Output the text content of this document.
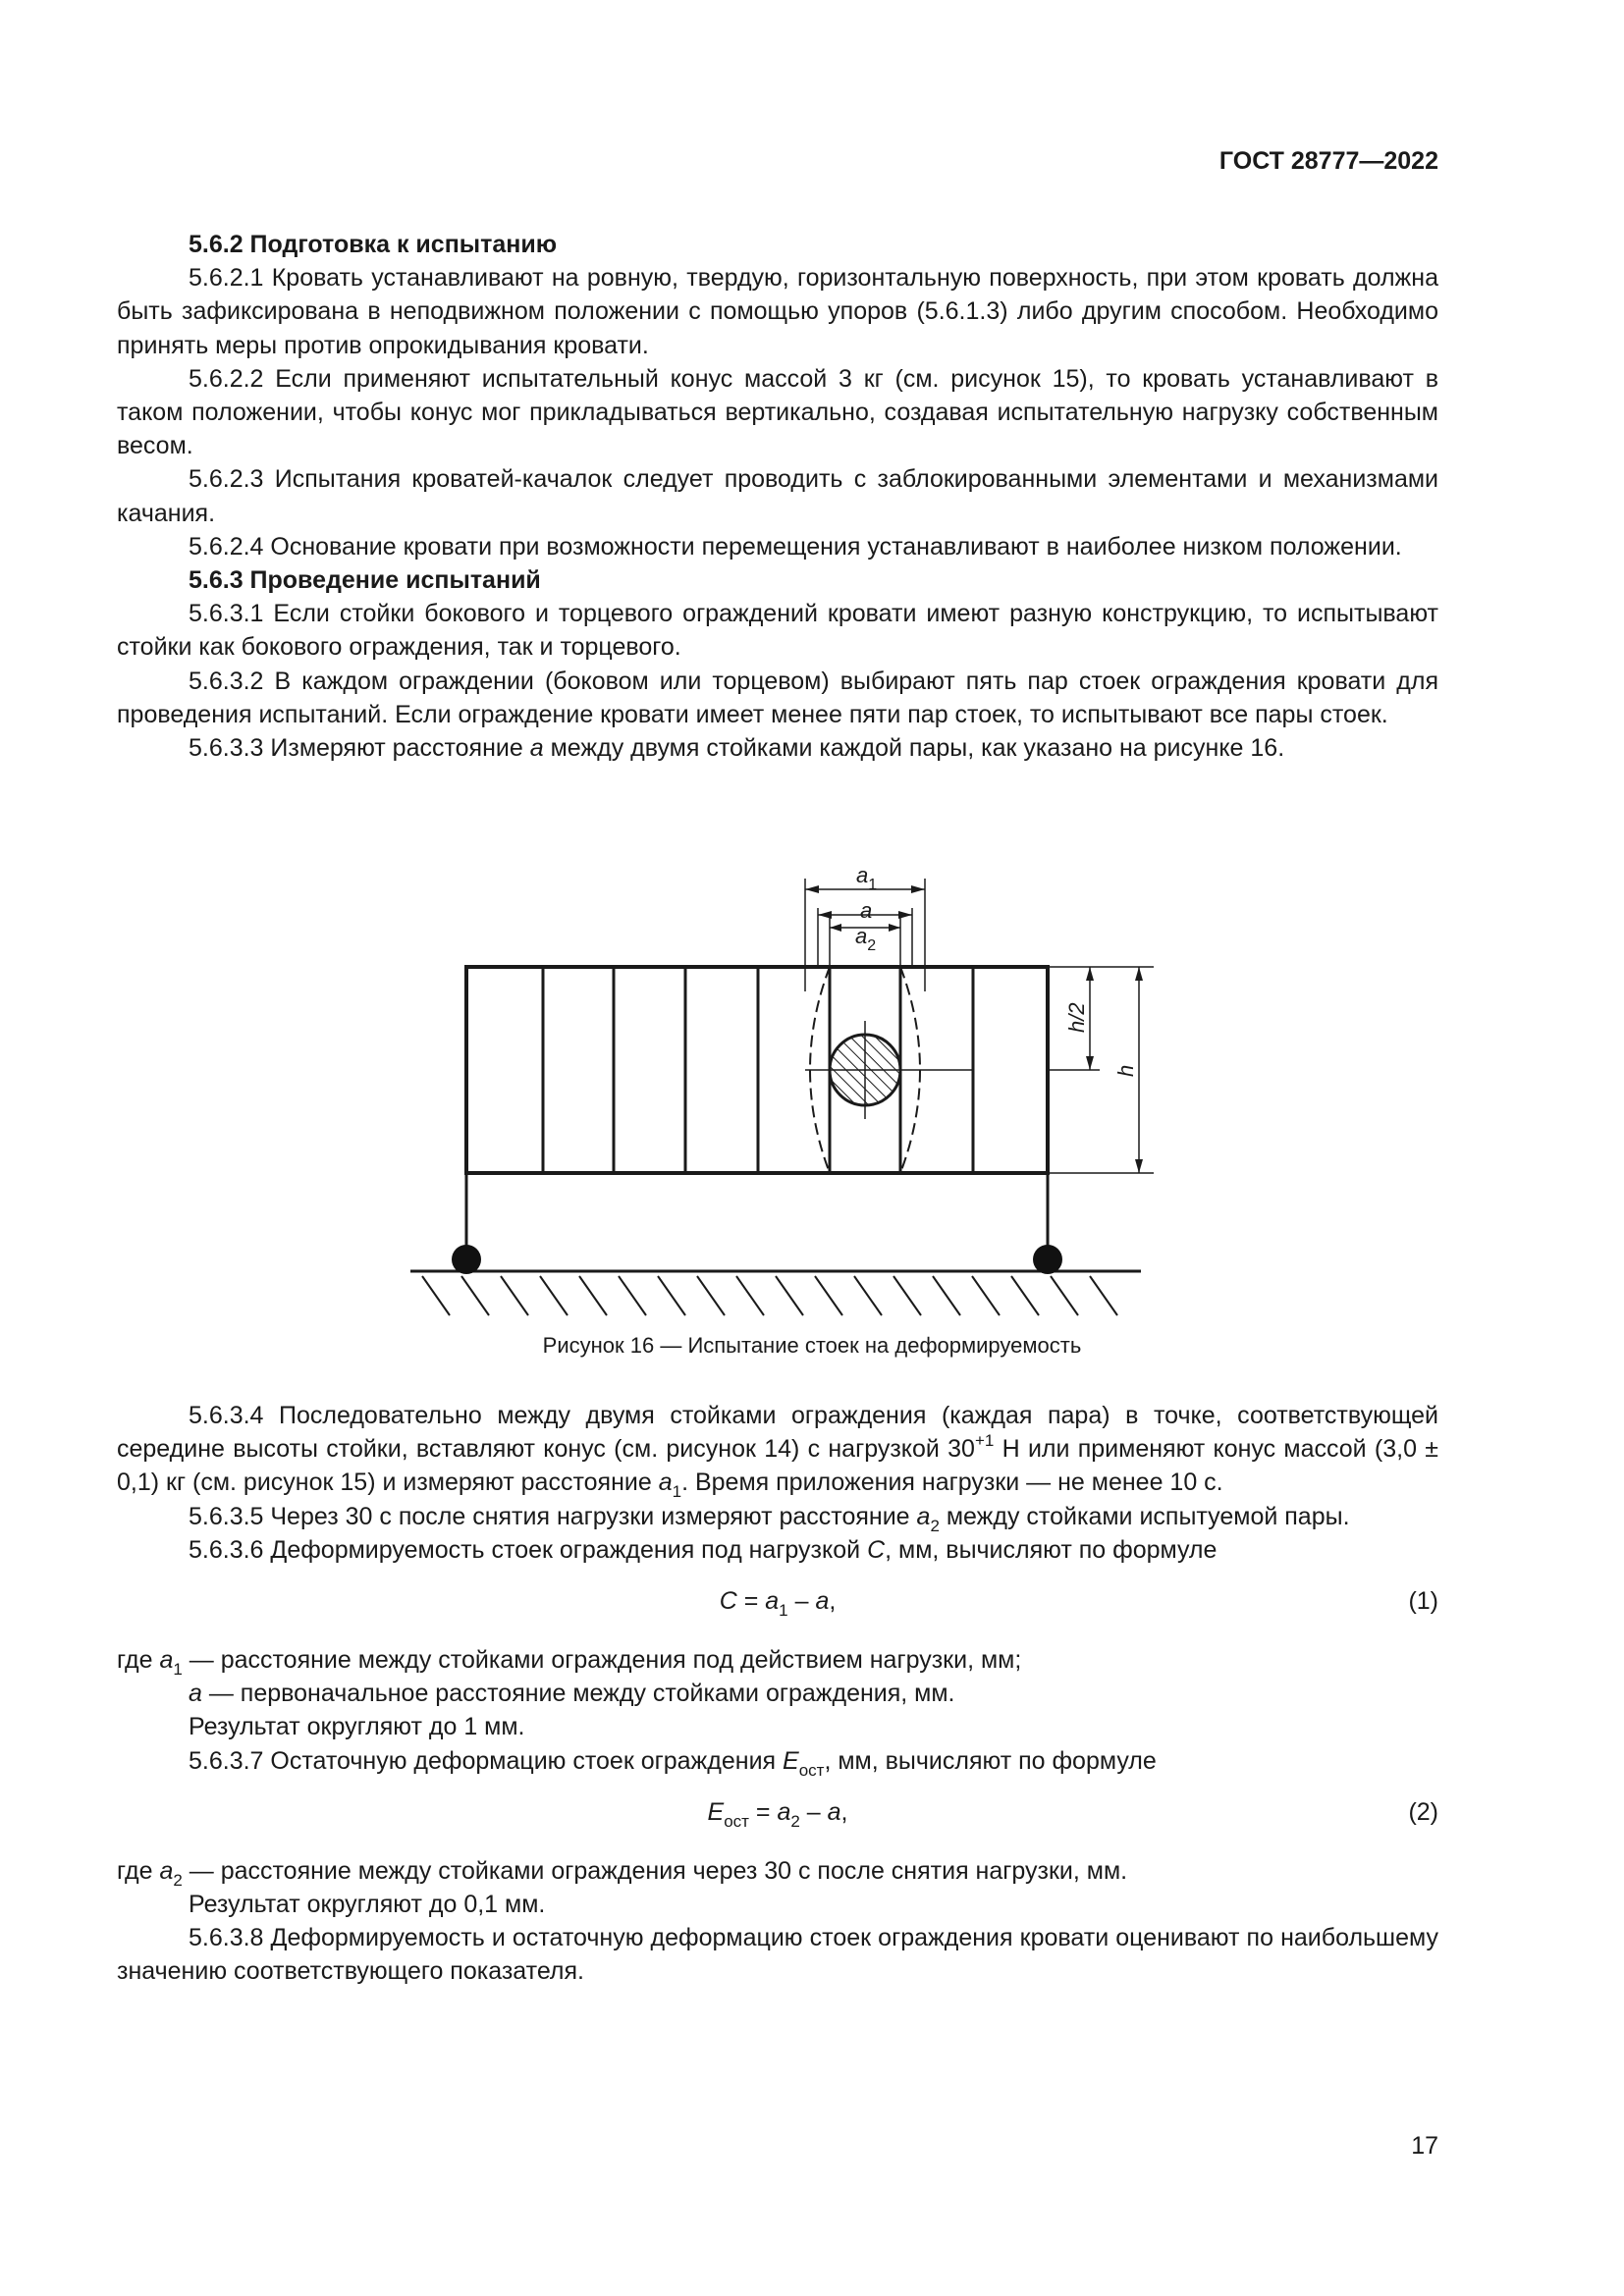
ГОСТ 28777—2022

5.6.2 Подготовка к испытанию

5.6.2.1 Кровать устанавливают на ровную, твердую, горизонтальную поверхность, при этом кровать должна быть зафиксирована в неподвижном положении с помощью упоров (5.6.1.3) либо другим способом. Необходимо принять меры против опрокидывания кровати.

5.6.2.2 Если применяют испытательный конус массой 3 кг (см. рисунок 15), то кровать устанавливают в таком положении, чтобы конус мог прикладываться вертикально, создавая испытательную нагрузку собственным весом.

5.6.2.3 Испытания кроватей-качалок следует проводить с заблокированными элементами и механизмами качания.

5.6.2.4 Основание кровати при возможности перемещения устанавливают в наиболее низком положении.

5.6.3 Проведение испытаний

5.6.3.1 Если стойки бокового и торцевого ограждений кровати имеют разную конструкцию, то испытывают стойки как бокового ограждения, так и торцевого.

5.6.3.2 В каждом ограждении (боковом или торцевом) выбирают пять пар стоек ограждения кровати для проведения испытаний. Если ограждение кровати имеет менее пяти пар стоек, то испытывают все пары стоек.

5.6.3.3 Измеряют расстояние a между двумя стойками каждой пары, как указано на рисунке 16.

$a_1$
a
$a_2$
h/2
h
Рисунок 16 — Испытание стоек на деформируемость

5.6.3.4 Последовательно между двумя стойками ограждения (каждая пара) в точке, соответствующей середине высоты стойки, вставляют конус (см. рисунок 14) с нагрузкой $30^{+1}$ Н или применяют конус массой (3,0 ± 0,1) кг (см. рисунок 15) и измеряют расстояние $a_1$. Время приложения нагрузки — не менее 10 с.

5.6.3.5 Через 30 с после снятия нагрузки измеряют расстояние $a_2$ между стойками испытуемой пары.

5.6.3.6 Деформируемость стоек ограждения под нагрузкой C, мм, вычисляют по формуле

$C = a_1 - a$,	(1)

где $a_1$ — расстояние между стойками ограждения под действием нагрузки, мм;

a — первоначальное расстояние между стойками ограждения, мм.

Результат округляют до 1 мм.

5.6.3.7 Остаточную деформацию стоек ограждения $E_{ост}$, мм, вычисляют по формуле

$E_{ост} = a_2 - a$,	(2)

где $a_2$ — расстояние между стойками ограждения через 30 с после снятия нагрузки, мм.

Результат округляют до 0,1 мм.

5.6.3.8 Деформируемость и остаточную деформацию стоек ограждения кровати оценивают по наибольшему значению соответствующего показателя.

17
